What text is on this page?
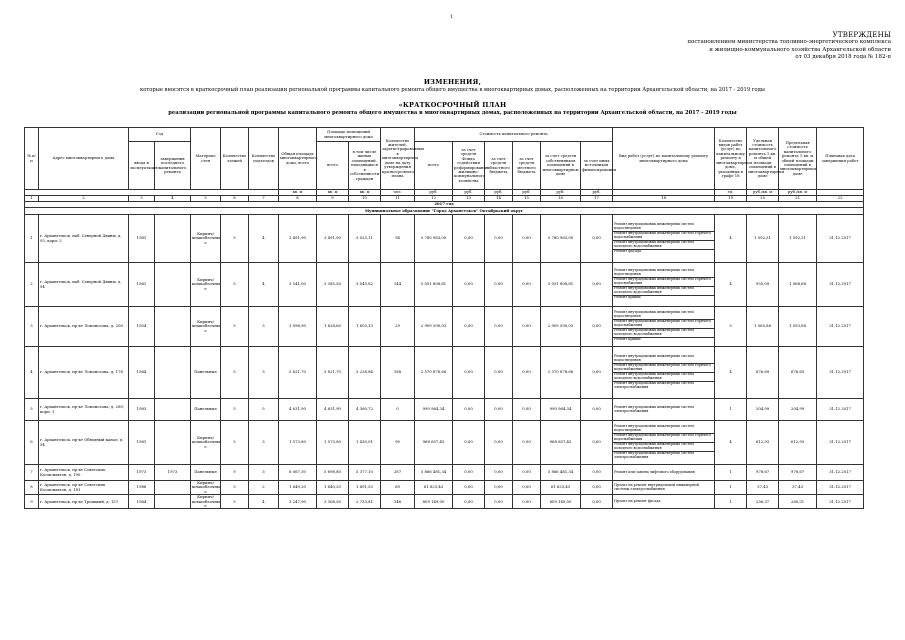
1
УТВЕРЖДЕНЫ
постановлением министерства топливно-энергетического комплекса
и жилищно-коммунального хозяйства Архангельской области
от 03 декабря 2018 года № 182-п
ИЗМЕНЕНИЯ,
которые вносятся в краткосрочный план реализации региональной программы капитального ремонта общего имущества в многоквартирных домах, расположенных на территории Архангельской области, на 2017 - 2019 годы
«КРАТКОСРОЧНЫЙ ПЛАН
реализации региональной программы капитального ремонта общего имущества в многоквартирных домах, расположенных на территории Архангельской области, на 2017 - 2019 годы
№ п/п	Адрес многоквартирного дома	Год		Материал стен	Количество этажей	Количество подъездов	Общая площадь многоквартирного дома, всего	Площадь помещений многоквартирного дома		Количество жителей, зарегистрированных в многоквартирном доме на дату утверждения краткосрочного плана	Стоимость капитального ремонта						Вид работ (услуг) по капитальному ремонту многоквартирного дома	Количество видов работ (услуг) по капитальному ремонту в многоквартирном доме, указанных в графе 18	Удельная стоимость капитального ремонта 1 кв. м общей площади помещений в многоквартирном доме	Предельная стоимость капитального ремонта 1 кв. м общей площади помещений в многоквартирном доме	Плановая дата завершения работ
		ввода в эксплуатацию	завершения последнего капитального ремонта					всего	в том числе жилых помещений, находящихся в собственности граждан		всего	за счет средств Фонда содействия реформированию жилищно-коммунального хозяйства	за счет средств областного бюджета	за счет средств местного бюджета	за счет средств собственников помещений в многоквартирном доме	за счет иных источников финансирования					
							кв. м	кв. м	кв. м	чел.	руб.	руб.	руб.	руб.	руб.	руб.		ед.	руб./кв. м	руб./кв. м	
1	2	3	4	5	6	7	8	9	10	11	12	13	14	15	16	17	18	19	20	21	22
2017 год																					
Муниципальное образование "Город Архангельск" Октябрьский округ																					
1	г. Архангельск, наб. Северной Двины, д. 93, корп. 2	1981		Кирпич/ шлакоблочны е	5	4	3 491,90	3 491,90	3 025,11	94	5 780 963,00	0,00	0,00	0,00	5 780 963,00	0,00	Ремонт внутридомовых инженерных систем водоотведения
Ремонт внутридомовых инженерных систем горячего водоснабжения
Ремонт внутридомовых инженерных систем холодного водоснабжения
Ремонт фасада	4	1 592,31	1 592,31	31.12.2017
2	г. Архангельск, наб. Северной Двины, д. 94	1961		Кирпич/ шлакоблочны е	5	4	3 541,00	3 385,50	3 045,82	144	5 051 808,81	0,00	0,00	0,00	5 051 808,81	0,00	Ремонт внутридомовых инженерных систем водоотведения
Ремонт внутридомовых инженерных систем горячего водоснабжения
Ремонт внутридомовых инженерных систем холодного водоснабжения
Ремонт крыши	4	955,09	1 068,88	31.12.2017
3	г. Архангельск, пр-кт Ломоносова, д. 200	1954		Кирпич/ шлакоблочны е	5	3	1 996,90	1 828,60	1 603,13	29	2 909 590,03	0,00	0,00	0,00	2 909 590,03	0,00	Ремонт внутридомовых инженерных систем водоотведения
Ремонт внутридомовых инженерных систем горячего водоснабжения
Ремонт внутридомовых инженерных систем холодного водоснабжения
Ремонт крыши	5	1 565,86	1 593,88	31.12.2017
4	г. Архангельск, пр-кт Ломоносова, д. 178	1964		Панельные	5	3	3 821,70	3 821,70	3 228,84	188	2 570 878,66	0,00	0,00	0,00	2 570 878,66	0,00	Ремонт внутридомовых инженерных систем водоотведения
Ремонт внутридомовых инженерных систем горячего водоснабжения
Ремонт внутридомовых инженерных систем холодного водоснабжения
Ремонт внутридомовых инженерных систем электроснабжения	4	676,69	676,69	31.12.2017
5	г. Архангельск, пр-кт Ломоносова, д. 289, корп. 1	1983		Панельные	5	5	4 631,90	4 631,90	4 360,72	0	990 964,34	0,00	0,00	0,00	990 964,34	0,00	Ремонт внутридомовых инженерных систем электроснабжения	1	204,99	204,99	31.12.2017
6	г. Архангельск, пр-кт Обводный канал, д. 54	1961		Кирпич/ шлакоблочны е	5	3	1 573,80	1 573,80	1 430,01	90	968 657,45	0,00	0,00	0,00	968 657,45	0,00	Ремонт внутридомовых инженерных систем водоотведения
Ремонт внутридомовых инженерных систем горячего водоснабжения
Ремонт внутридомовых инженерных систем холодного водоснабжения
Ремонт внутридомовых инженерных систем электроснабжения	4	612,93	612,93	31.12.2017
7	г. Архангельск, пр-кт Советских Космонавтов, д. 190	1973	1973	Панельные	9	3	6 067,30	5 898,80	5 377,10	287	5 866 481,34	0,00	0,00	0,00	5 866 481,34	0,00	Ремонт или замена лифтового оборудования	1	978,67	978,67	31.12.2017
8	г. Архангельск, пр-кт Советских Космонавтов, д. 181	1986		Кирпич/ шлакоблочны е	5	2	1 649,20	1 649,20	1 491,53	69	61 623,43	0,00	0,00	0,00	61 623,43	0,00	Проект на ремонт внутридомовой инженерной системы электроснабжения	1	37,43	37,43	31.12.2017
9	г. Архангельск, пр-кт Троицкий, д. 157	1964		Кирпич/ шлакоблочны е	5	4	3 247,90	3 308,50	2 733,81	146	809 149,00	0,00	0,00	0,00	809 149,00	0,00	Проект на ремонт фасада	1	236,37	260,51	31.12.2017
